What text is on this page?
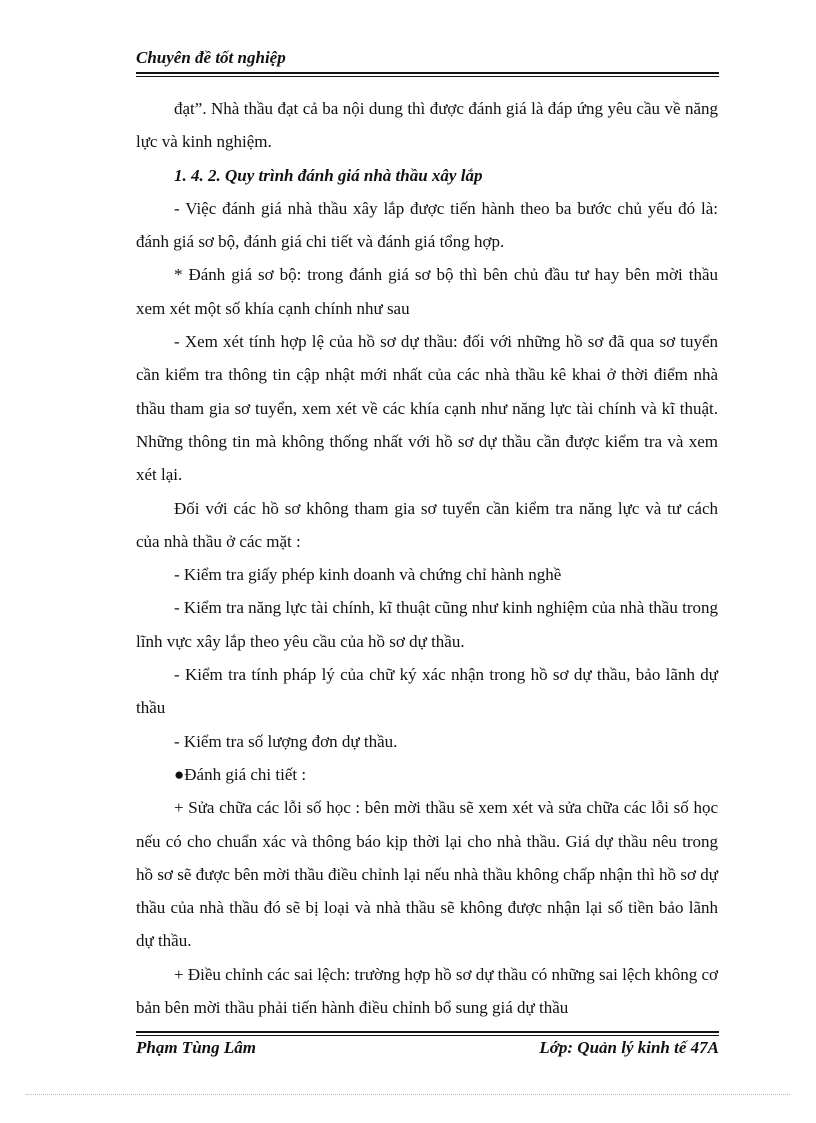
Chuyên đề tốt nghiệp

đạt”. Nhà thầu đạt cả ba nội dung thì được đánh giá là đáp ứng yêu cầu về năng lực và kinh nghiệm.

1. 4. 2. Quy trình đánh giá nhà thầu xây lắp

- Việc đánh giá nhà thầu xây lắp được tiến hành theo ba bước chủ yếu đó là: đánh giá sơ bộ, đánh giá chi tiết và đánh giá tổng hợp.

* Đánh giá sơ bộ: trong đánh giá sơ bộ thì bên chủ đầu tư hay bên mời thầu xem xét một số khía cạnh chính như sau

- Xem xét tính hợp lệ của hồ sơ dự thầu: đối với những hồ sơ đã qua sơ tuyển cần kiểm tra thông tin cập nhật mới nhất của các nhà thầu kê khai ở thời điểm nhà thầu tham gia sơ tuyển, xem xét về các khía cạnh như năng lực tài chính và kĩ thuật. Những thông tin mà không thống nhất với hồ sơ dự thầu cần được kiểm tra và xem xét lại.

Đối với các hồ sơ không tham gia sơ tuyển cần kiểm tra năng lực và tư cách của nhà thầu ở các mặt :

- Kiểm tra giấy phép kinh doanh và chứng chỉ hành nghề

- Kiểm tra năng lực tài chính, kĩ thuật cũng như kinh nghiệm của nhà thầu trong lĩnh vực xây lắp theo yêu cầu của hồ sơ dự thầu.

- Kiểm tra tính pháp lý của chữ ký xác nhận trong hồ sơ dự thầu, bảo lãnh dự thầu

- Kiểm tra số lượng đơn dự thầu.

●Đánh giá chi tiết :

+ Sửa chữa các lỗi số học : bên mời thầu sẽ xem xét và sửa chữa các lỗi số học nếu có cho chuẩn xác và thông báo kịp thời lại cho nhà thầu. Giá dự thầu nêu trong hồ sơ sẽ được bên mời thầu điều chỉnh lại nếu nhà thầu không chấp nhận thì hồ sơ dự thầu của nhà thầu đó sẽ bị loại và nhà thầu sẽ không được nhận lại số tiền bảo lãnh dự thầu.

+ Điều chỉnh các sai lệch: trường hợp hồ sơ dự thầu có những sai lệch không cơ bản bên mời thầu phải tiến hành điều chỉnh bổ sung giá dự thầu

Phạm Tùng Lâm	Lớp: Quản lý kinh tế 47A
